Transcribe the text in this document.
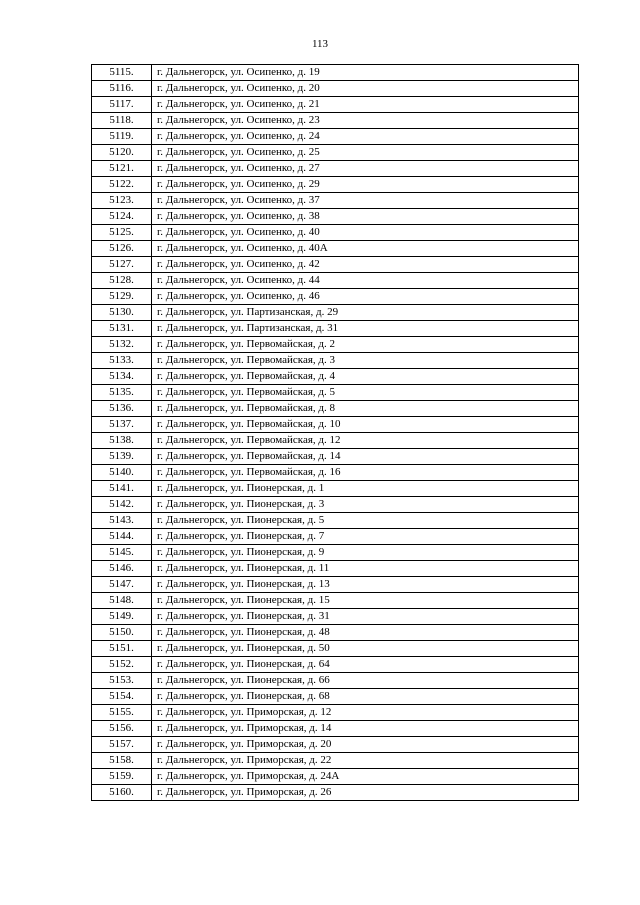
113
5115.	г. Дальнегорск, ул. Осипенко, д. 19
5116.	г. Дальнегорск, ул. Осипенко, д. 20
5117.	г. Дальнегорск, ул. Осипенко, д. 21
5118.	г. Дальнегорск, ул. Осипенко, д. 23
5119.	г. Дальнегорск, ул. Осипенко, д. 24
5120.	г. Дальнегорск, ул. Осипенко, д. 25
5121.	г. Дальнегорск, ул. Осипенко, д. 27
5122.	г. Дальнегорск, ул. Осипенко, д. 29
5123.	г. Дальнегорск, ул. Осипенко, д. 37
5124.	г. Дальнегорск, ул. Осипенко, д. 38
5125.	г. Дальнегорск, ул. Осипенко, д. 40
5126.	г. Дальнегорск, ул. Осипенко, д. 40А
5127.	г. Дальнегорск, ул. Осипенко, д. 42
5128.	г. Дальнегорск, ул. Осипенко, д. 44
5129.	г. Дальнегорск, ул. Осипенко, д. 46
5130.	г. Дальнегорск, ул. Партизанская, д. 29
5131.	г. Дальнегорск, ул. Партизанская, д. 31
5132.	г. Дальнегорск, ул. Первомайская, д. 2
5133.	г. Дальнегорск, ул. Первомайская, д. 3
5134.	г. Дальнегорск, ул. Первомайская, д. 4
5135.	г. Дальнегорск, ул. Первомайская, д. 5
5136.	г. Дальнегорск, ул. Первомайская, д. 8
5137.	г. Дальнегорск, ул. Первомайская, д. 10
5138.	г. Дальнегорск, ул. Первомайская, д. 12
5139.	г. Дальнегорск, ул. Первомайская, д. 14
5140.	г. Дальнегорск, ул. Первомайская, д. 16
5141.	г. Дальнегорск, ул. Пионерская, д. 1
5142.	г. Дальнегорск, ул. Пионерская, д. 3
5143.	г. Дальнегорск, ул. Пионерская, д. 5
5144.	г. Дальнегорск, ул. Пионерская, д. 7
5145.	г. Дальнегорск, ул. Пионерская, д. 9
5146.	г. Дальнегорск, ул. Пионерская, д. 11
5147.	г. Дальнегорск, ул. Пионерская, д. 13
5148.	г. Дальнегорск, ул. Пионерская, д. 15
5149.	г. Дальнегорск, ул. Пионерская, д. 31
5150.	г. Дальнегорск, ул. Пионерская, д. 48
5151.	г. Дальнегорск, ул. Пионерская, д. 50
5152.	г. Дальнегорск, ул. Пионерская, д. 64
5153.	г. Дальнегорск, ул. Пионерская, д. 66
5154.	г. Дальнегорск, ул. Пионерская, д. 68
5155.	г. Дальнегорск, ул. Приморская, д. 12
5156.	г. Дальнегорск, ул. Приморская, д. 14
5157.	г. Дальнегорск, ул. Приморская, д. 20
5158.	г. Дальнегорск, ул. Приморская, д. 22
5159.	г. Дальнегорск, ул. Приморская, д. 24А
5160.	г. Дальнегорск, ул. Приморская, д. 26
